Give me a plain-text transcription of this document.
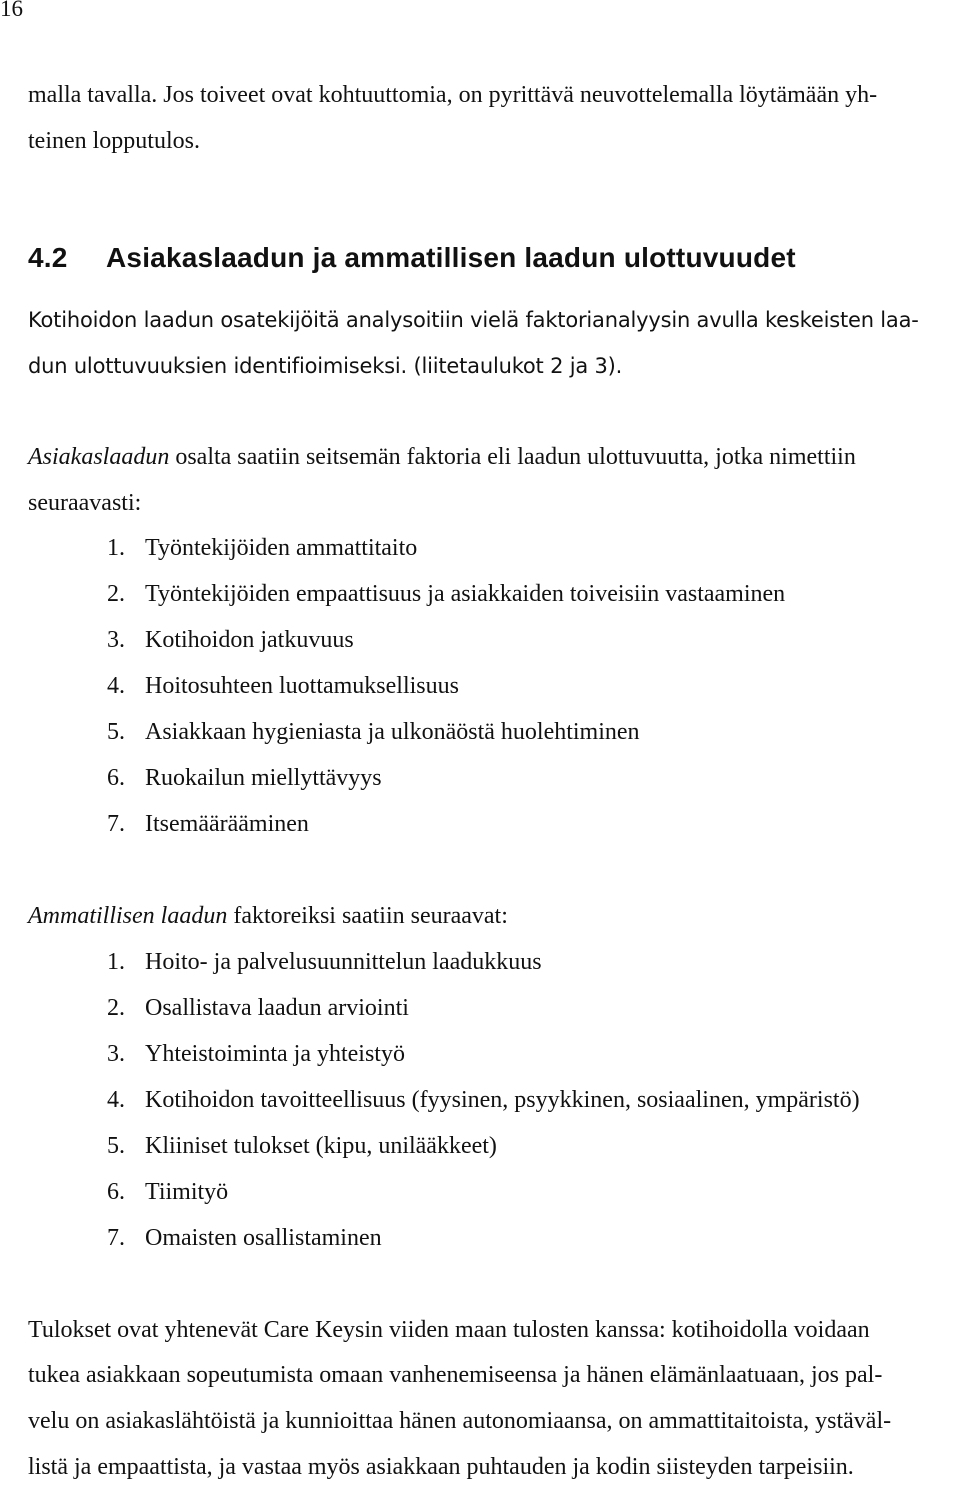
16
malla tavalla. Jos toiveet ovat kohtuuttomia, on pyrittävä neuvottelemalla löytämään yh-
teinen lopputulos.
4.2 Asiakaslaadun ja ammatillisen laadun ulottuvuudet
Kotihoidon laadun osatekijöitä analysoitiin vielä faktorianalyysin avulla keskeisten laa-
dun ulottuvuuksien identifioimiseksi. (liitetaulukot 2 ja 3).
Asiakaslaadun osalta saatiin seitsemän faktoria eli laadun ulottuvuutta, jotka nimettiin
seuraavasti:
1. Työntekijöiden ammattitaito
2. Työntekijöiden empaattisuus ja asiakkaiden toiveisiin vastaaminen
3. Kotihoidon jatkuvuus
4. Hoitosuhteen luottamuksellisuus
5. Asiakkaan hygieniasta ja ulkonäöstä huolehtiminen
6. Ruokailun miellyttävyys
7. Itsemäärääminen
Ammatillisen laadun faktoreiksi saatiin seuraavat:
1. Hoito- ja palvelusuunnittelun laadukkuus
2. Osallistava laadun arviointi
3. Yhteistoiminta ja yhteistyö
4. Kotihoidon tavoitteellisuus (fyysinen, psyykkinen, sosiaalinen, ympäristö)
5. Kliiniset tulokset (kipu, unilääkkeet)
6. Tiimityö
7. Omaisten osallistaminen
Tulokset ovat yhtenevät Care Keysin viiden maan tulosten kanssa: kotihoidolla voidaan
tukea asiakkaan sopeutumista omaan vanhenemiseensa ja hänen elämänlaatuaan, jos pal-
velu on asiakaslähtöistä ja kunnioittaa hänen autonomiaansa, on ammattitaitoista, ystäväl-
listä ja empaattista, ja vastaa myös asiakkaan puhtauden ja kodin siisteyden tarpeisiin.
